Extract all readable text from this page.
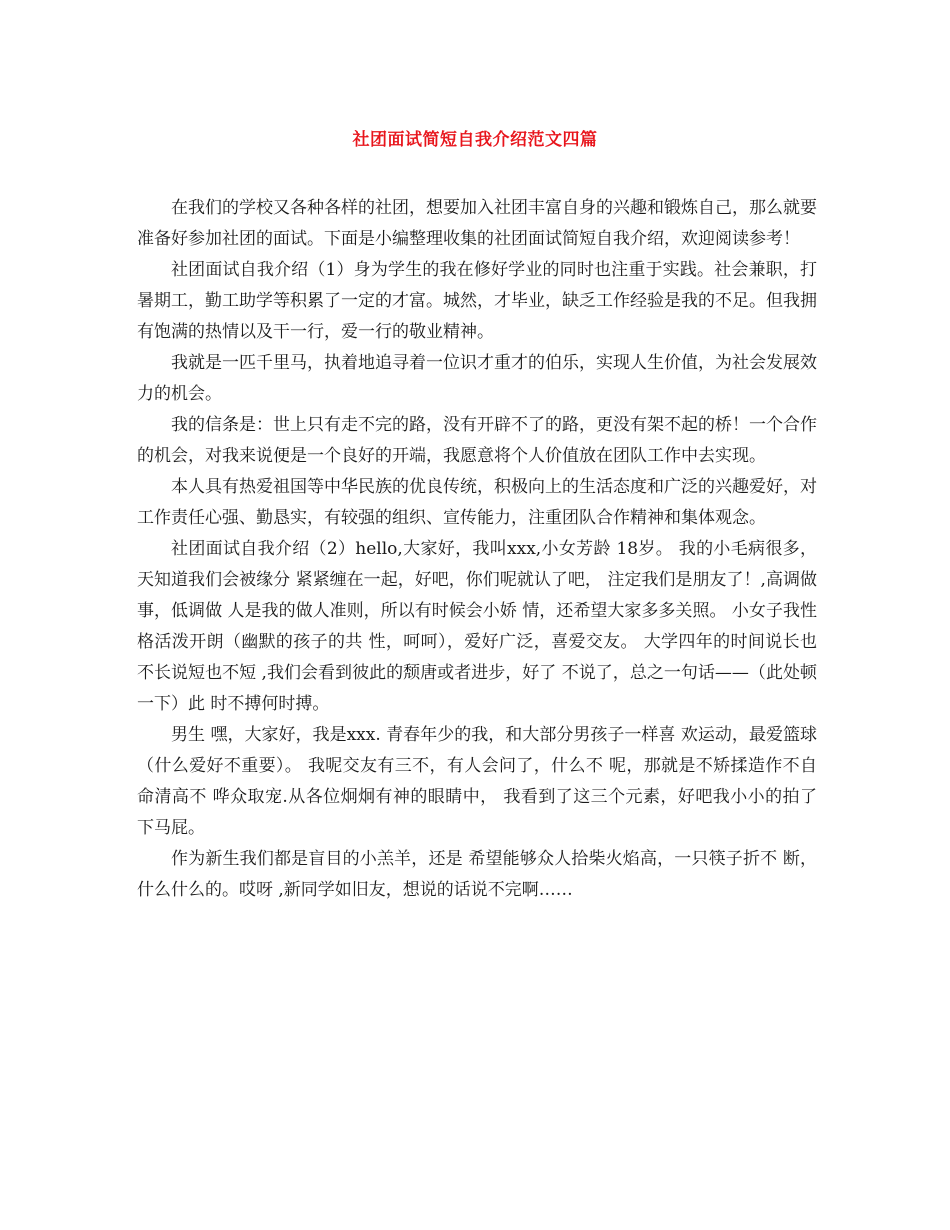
社团面试简短自我介绍范文四篇

在我们的学校又各种各样的社团，想要加入社团丰富自身的兴趣和锻炼自己，那么就要准备好参加社团的面试。下面是小编整理收集的社团面试简短自我介绍，欢迎阅读参考！

社团面试自我介绍（1）身为学生的我在修好学业的同时也注重于实践。社会兼职，打暑期工，勤工助学等积累了一定的才富。城然，才毕业，缺乏工作经验是我的不足。但我拥有饱满的热情以及干一行，爱一行的敬业精神。

我就是一匹千里马，执着地追寻着一位识才重才的伯乐，实现人生价值，为社会发展效力的机会。

我的信条是：世上只有走不完的路，没有开辟不了的路，更没有架不起的桥！一个合作的机会，对我来说便是一个良好的开端，我愿意将个人价值放在团队工作中去实现。

本人具有热爱祖国等中华民族的优良传统，积极向上的生活态度和广泛的兴趣爱好，对工作责任心强、勤恳实，有较强的组织、宣传能力，注重团队合作精神和集体观念。

社团面试自我介绍（2）hello,大家好，我叫xxx,小女芳龄 18岁。 我的小毛病很多，天知道我们会被缘分 紧紧缠在一起，好吧，你们呢就认了吧， 注定我们是朋友了！,高调做事，低调做 人是我的做人准则，所以有时候会小娇 情，还希望大家多多关照。 小女子我性格活泼开朗（幽默的孩子的共 性，呵呵），爱好广泛，喜爱交友。 大学四年的时间说长也不长说短也不短 ,我们会看到彼此的颓唐或者进步，好了 不说了，总之一句话——（此处顿一下）此 时不搏何时搏。

男生 嘿，大家好，我是xxx. 青春年少的我，和大部分男孩子一样喜 欢运动，最爱篮球（什么爱好不重要）。 我呢交友有三不，有人会问了，什么不 呢，那就是不矫揉造作不自命清高不 哗众取宠.从各位炯炯有神的眼睛中， 我看到了这三个元素，好吧我小小的拍了 下马屁。

作为新生我们都是盲目的小羔羊，还是 希望能够众人拾柴火焰高，一只筷子折不 断，什么什么的。哎呀 ,新同学如旧友，想说的话说不完啊……
